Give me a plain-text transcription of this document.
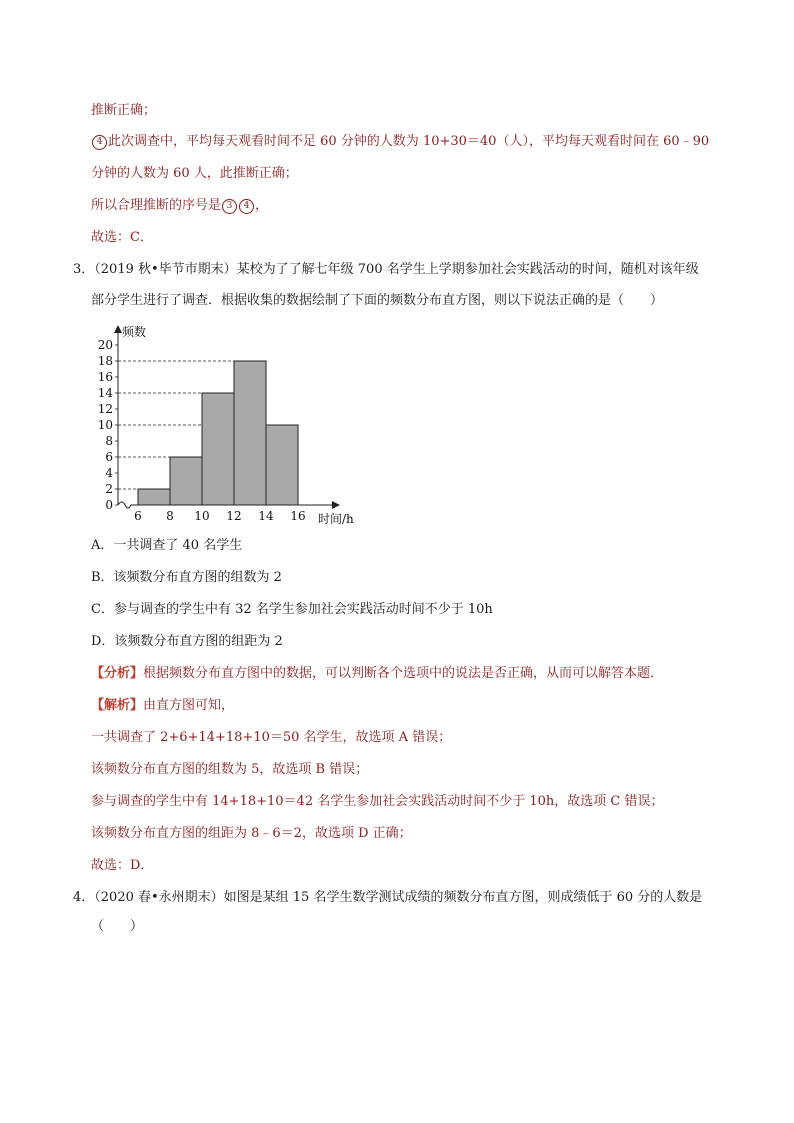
推断正确；
4 此次调查中，平均每天观看时间不足 60 分钟的人数为 10+30＝40（人），平均每天观看时间在 60﹣90
分钟的人数为 60 人，此推断正确；
所以合理推断的序号是 3 4 ，
故选：C．
3．（2019 秋•毕节市期末）某校为了了解七年级 700 名学生上学期参加社会实践活动的时间，随机对该年级
部分学生进行了调查．根据收集的数据绘制了下面的频数分布直方图，则以下说法正确的是（　　）
0
2
4
6
8
10
12
14
16
18
20
6 8 10 12 14 16
频数
时间/h
A．一共调查了 40 名学生
B．该频数分布直方图的组数为 2
C．参与调查的学生中有 32 名学生参加社会实践活动时间不少于 10h
D．该频数分布直方图的组距为 2
【分析】根据频数分布直方图中的数据，可以判断各个选项中的说法是否正确，从而可以解答本题．
【解析】由直方图可知，
一共调查了 2+6+14+18+10＝50 名学生，故选项 A 错误；
该频数分布直方图的组数为 5，故选项 B 错误；
参与调查的学生中有 14+18+10＝42 名学生参加社会实践活动时间不少于 10h，故选项 C 错误；
该频数分布直方图的组距为 8﹣6＝2，故选项 D 正确；
故选：D．
4．（2020 春•永州期末）如图是某组 15 名学生数学测试成绩的频数分布直方图，则成绩低于 60 分的人数是
（　　）
